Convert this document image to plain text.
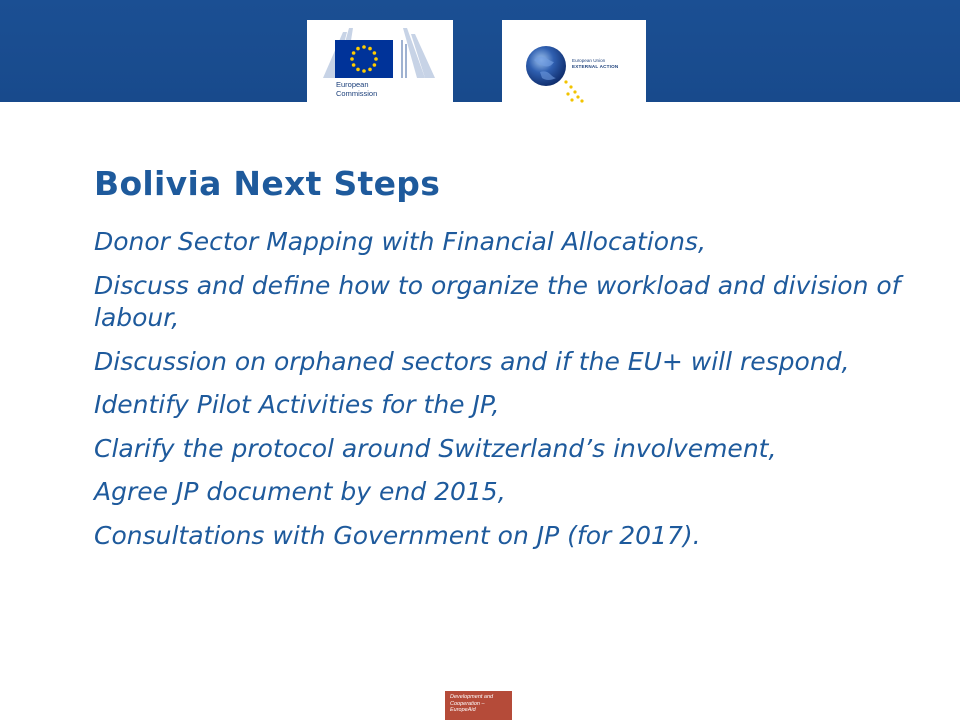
European
Commission
European Union
EXTERNAL ACTION
Bolivia Next Steps
Donor Sector Mapping with Financial Allocations,
Discuss and define how to organize the workload and division of labour,
Discussion on orphaned sectors and if the EU+ will respond,
Identify Pilot Activities for the JP,
Clarify the protocol around Switzerland’s involvement,
Agree JP document by end 2015,
Consultations with Government on JP (for 2017).
Development and
Cooperation –
EuropeAid
